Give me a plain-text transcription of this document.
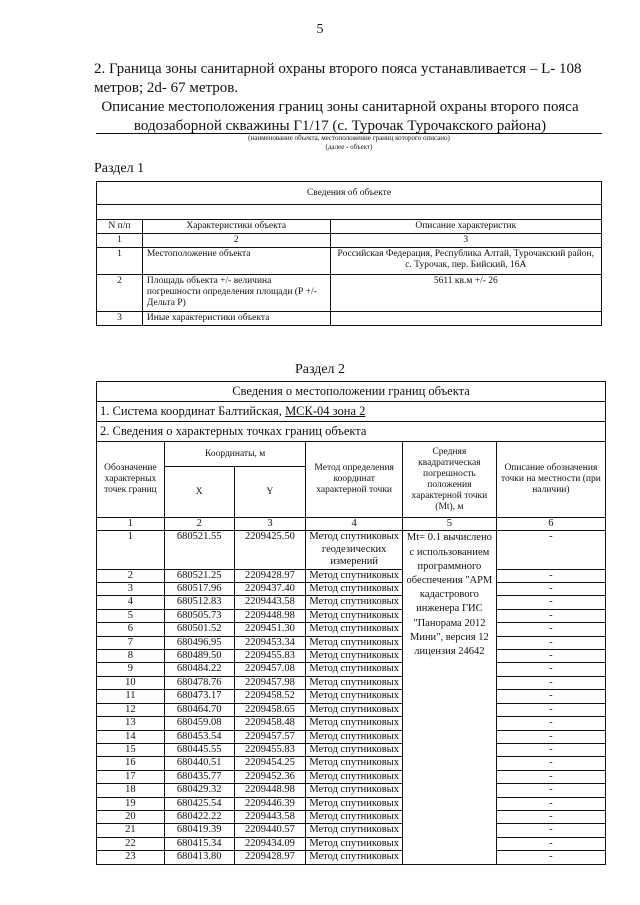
5
2. Граница зоны санитарной охраны второго пояса устанавливается – L- 108 метров; 2d- 67 метров.
Описание местоположения границ зоны санитарной охраны второго пояса
водозаборной скважины Г1/17 (с. Турочак Турочакского района)
(наименование объекта, местоположение границ которого описано)
(далее - объект)
Раздел 1
Сведения об объекте		

N п/п	Характеристики объекта	Описание характеристик
1	2	3
1	Местоположение объекта	Российская Федерация, Республика Алтай, Турочакский район, с. Турочак, пер. Бийский, 16А
2	Площадь объекта +/- величина погрешности определения площади (Р +/- Дельта Р)	5611 кв.м +/- 26
3	Иные характеристики объекта	
Раздел 2
Сведения о местоположении границ объекта					
1. Система координат Балтийская, МСК-04 зона 2					
2. Сведения о характерных точках границ объекта					
Обозначение характерных точек границ	Координаты, м		Метод определения координат характерной точки	Средняя квадратическая погрешность положения характерной точки (Mt), м	Описание обозначения точки на местности (при наличии)
	X	Y			
1	2	3	4	5	6
1	680521.55	2209425.50	Метод спутниковых геодезических измерений	Mt= 0.1 вычислено с использованием программного обеспечения "АРМ кадастрового инженера ГИС "Панорама 2012 Мини", версия 12 лицензия 24642	-
2	680521.25	2209428.97	Метод спутниковых		-
3	680517.96	2209437.40	Метод спутниковых		-
4	680512.83	2209443.58	Метод спутниковых		-
5	680505.73	2209448.98	Метод спутниковых		-
6	680501.52	2209451.30	Метод спутниковых		-
7	680496.95	2209453.34	Метод спутниковых		-
8	680489.50	2209455.83	Метод спутниковых		-
9	680484.22	2209457.08	Метод спутниковых		-
10	680478.76	2209457.98	Метод спутниковых		-
11	680473.17	2209458.52	Метод спутниковых		-
12	680464.70	2209458.65	Метод спутниковых		-
13	680459.08	2209458.48	Метод спутниковых		-
14	680453.54	2209457.57	Метод спутниковых		-
15	680445.55	2209455.83	Метод спутниковых		-
16	680440.51	2209454.25	Метод спутниковых		-
17	680435.77	2209452.36	Метод спутниковых		-
18	680429.32	2209448.98	Метод спутниковых		-
19	680425.54	2209446.39	Метод спутниковых		-
20	680422.22	2209443.58	Метод спутниковых		-
21	680419.39	2209440.57	Метод спутниковых		-
22	680415.34	2209434.09	Метод спутниковых		-
23	680413.80	2209428.97	Метод спутниковых		-
